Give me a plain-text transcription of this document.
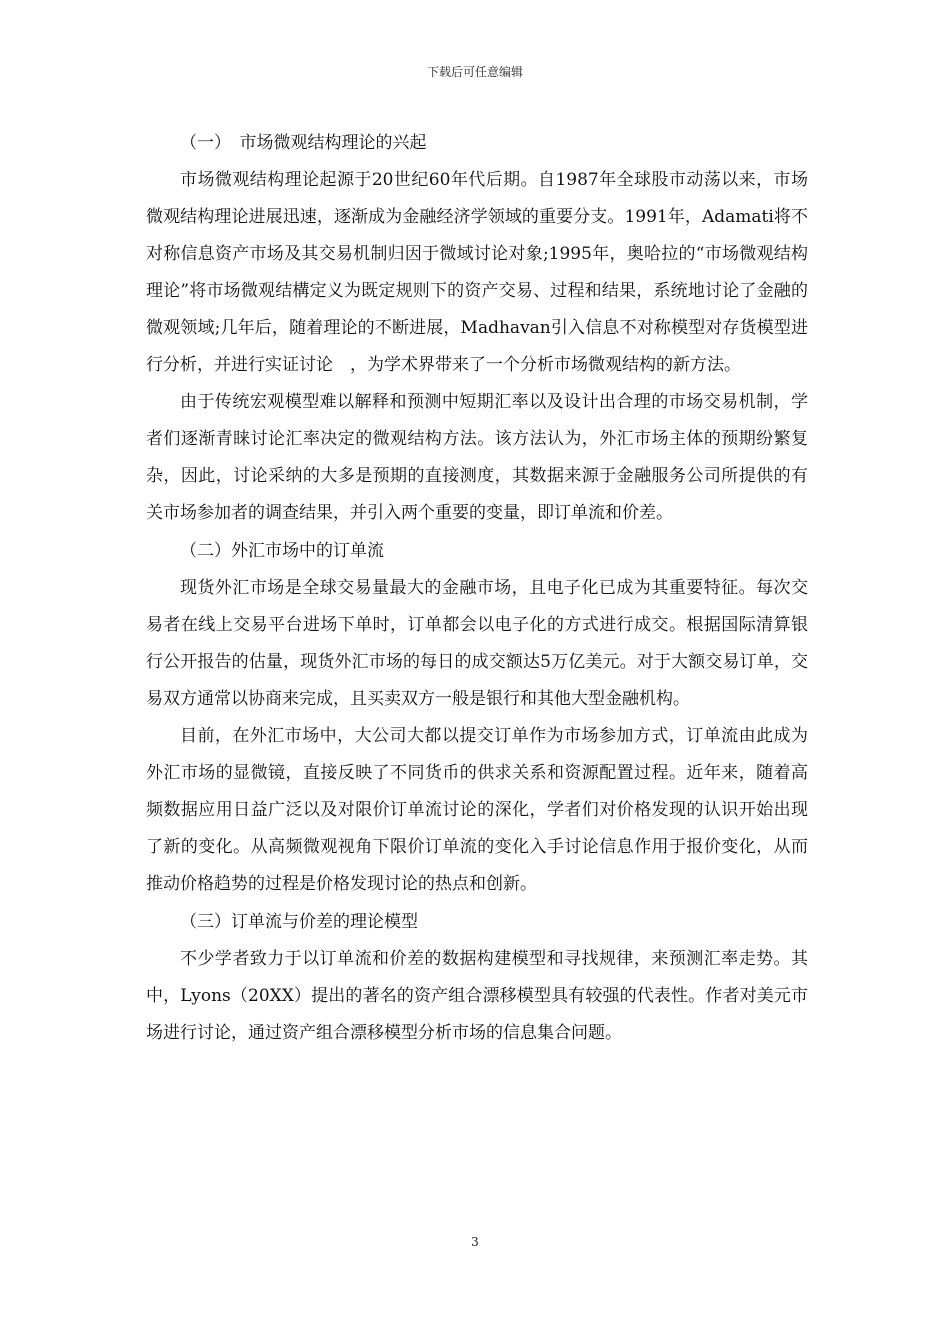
下载后可任意编辑
（一）　市场微观结构理论的兴起

市场微观结构理论起源于20世纪60年代后期。自1987年全球股市动荡以来，市场微观结构理论进展迅速，逐渐成为金融经济学领域的重要分支。1991年，Adamati将不对称信息资产市场及其交易机制归因于微域讨论对象;1995年，奥哈拉的“市场微观结构理论”将市场微观结構定义为既定规则下的资产交易、过程和结果，系统地讨论了金融的微观领域;几年后，随着理论的不断进展，Madhavan引入信息不对称模型对存货模型进行分析，并进行实证讨论　，为学术界带来了一个分析市场微观结构的新方法。

由于传统宏观模型难以解释和预测中短期汇率以及设计出合理的市场交易机制，学者们逐渐青睐讨论汇率决定的微观结构方法。该方法认为，外汇市场主体的预期纷繁复杂，因此，讨论采纳的大多是预期的直接测度，其数据来源于金融服务公司所提供的有关市场参加者的调查结果，并引入两个重要的变量，即订单流和价差。

（二）外汇市场中的订单流

现货外汇市场是全球交易量最大的金融市场，且电子化已成为其重要特征。每次交易者在线上交易平台进场下单时，订单都会以电子化的方式进行成交。根据国际清算银行公开报告的估量，现货外汇市场的每日的成交额达5万亿美元。对于大额交易订单，交易双方通常以协商来完成，且买卖双方一般是银行和其他大型金融机构。

目前，在外汇市场中，大公司大都以提交订单作为市场参加方式，订单流由此成为外汇市场的显微镜，直接反映了不同货币的供求关系和资源配置过程。近年来，随着高频数据应用日益广泛以及对限价订单流讨论的深化，学者们对价格发现的认识开始出现了新的变化。从高频微观视角下限价订单流的变化入手讨论信息作用于报价变化，从而推动价格趋势的过程是价格发现讨论的热点和创新。

（三）订单流与价差的理论模型

不少学者致力于以订单流和价差的数据构建模型和寻找规律，来预测汇率走势。其中，Lyons（20XX）提出的著名的资产组合漂移模型具有较强的代表性。作者对美元市场进行讨论，通过资产组合漂移模型分析市场的信息集合问题。

3
